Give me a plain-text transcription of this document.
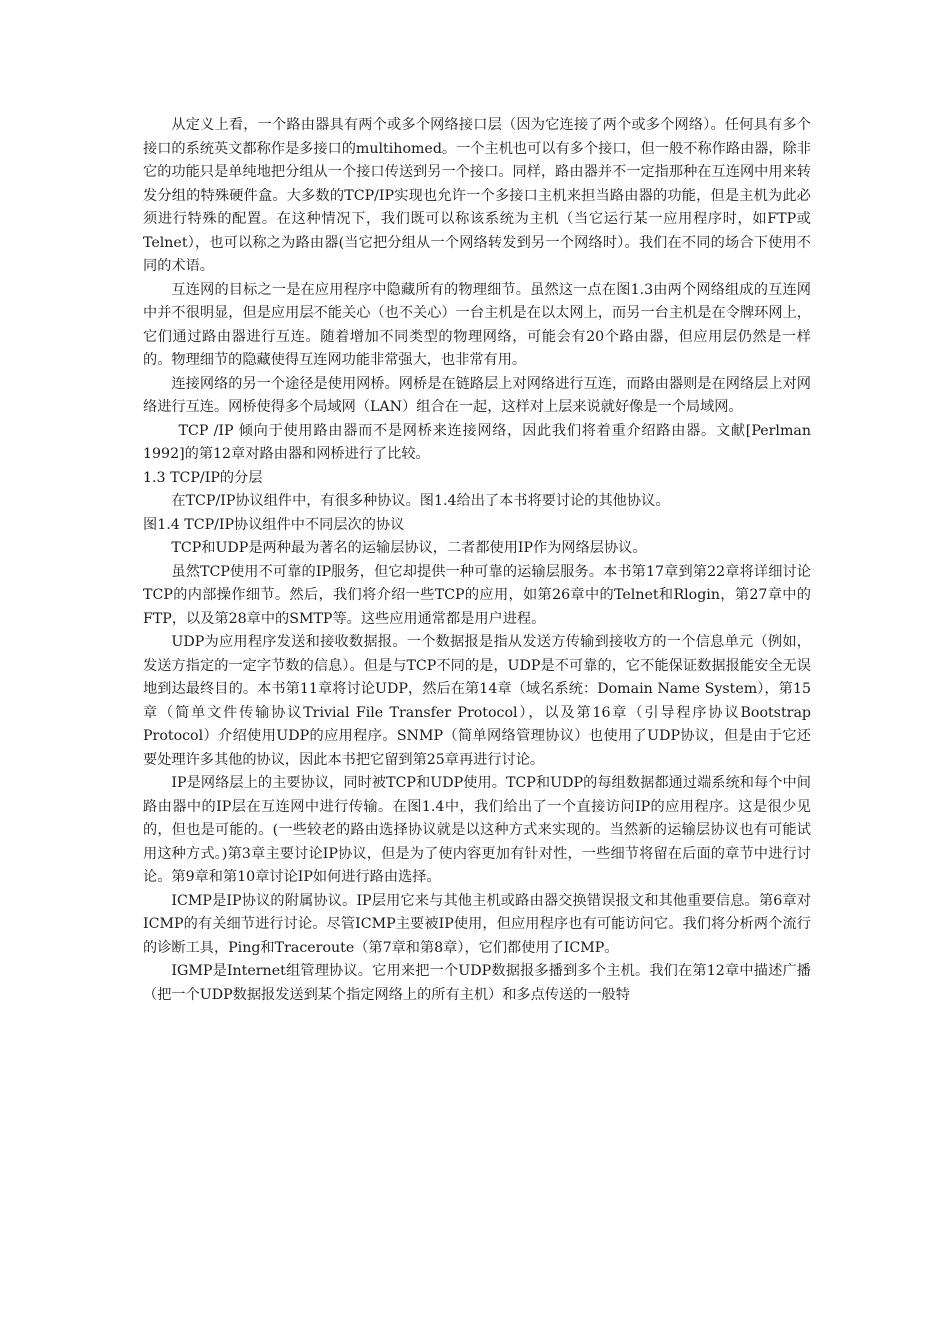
从定义上看，一个路由器具有两个或多个网络接口层（因为它连接了两个或多个网络）。任何具有多个接口的系统英文都称作是多接口的multihomed。一个主机也可以有多个接口，但一般不称作路由器，除非它的功能只是单纯地把分组从一个接口传送到另一个接口。同样，路由器并不一定指那种在互连网中用来转发分组的特殊硬件盒。大多数的TCP/IP实现也允许一个多接口主机来担当路由器的功能，但是主机为此必须进行特殊的配置。在这种情况下，我们既可以称该系统为主机（当它运行某一应用程序时，如FTP或Telnet），也可以称之为路由器(当它把分组从一个网络转发到另一个网络时）。我们在不同的场合下使用不同的术语。

互连网的目标之一是在应用程序中隐藏所有的物理细节。虽然这一点在图1.3由两个网络组成的互连网中并不很明显，但是应用层不能关心（也不关心）一台主机是在以太网上，而另一台主机是在令牌环网上，它们通过路由器进行互连。随着增加不同类型的物理网络，可能会有20个路由器，但应用层仍然是一样的。物理细节的隐藏使得互连网功能非常强大，也非常有用。

连接网络的另一个途径是使用网桥。网桥是在链路层上对网络进行互连，而路由器则是在网络层上对网络进行互连。网桥使得多个局域网（LAN）组合在一起，这样对上层来说就好像是一个局域网。

TCP /IP 倾向于使用路由器而不是网桥来连接网络，因此我们将着重介绍路由器。文献[Perlman 1992]的第12章对路由器和网桥进行了比较。

1.3 TCP/IP的分层

在TCP/IP协议组件中，有很多种协议。图1.4给出了本书将要讨论的其他协议。

图1.4 TCP/IP协议组件中不同层次的协议

TCP和UDP是两种最为著名的运输层协议，二者都使用IP作为网络层协议。

虽然TCP使用不可靠的IP服务，但它却提供一种可靠的运输层服务。本书第17章到第22章将详细讨论TCP的内部操作细节。然后，我们将介绍一些TCP的应用，如第26章中的Telnet和Rlogin，第27章中的FTP，以及第28章中的SMTP等。这些应用通常都是用户进程。

UDP为应用程序发送和接收数据报。一个数据报是指从发送方传输到接收方的一个信息单元（例如，发送方指定的一定字节数的信息）。但是与TCP不同的是，UDP是不可靠的，它不能保证数据报能安全无误地到达最终目的。本书第11章将讨论UDP，然后在第14章（域名系统：Domain Name System），第15章（简单文件传输协议Trivial File Transfer Protocol），以及第16章（引导程序协议Bootstrap Protocol）介绍使用UDP的应用程序。SNMP（简单网络管理协议）也使用了UDP协议，但是由于它还要处理许多其他的协议，因此本书把它留到第25章再进行讨论。

IP是网络层上的主要协议，同时被TCP和UDP使用。TCP和UDP的每组数据都通过端系统和每个中间路由器中的IP层在互连网中进行传输。在图1.4中，我们给出了一个直接访问IP的应用程序。这是很少见的，但也是可能的。(一些较老的路由选择协议就是以这种方式来实现的。当然新的运输层协议也有可能试用这种方式。)第3章主要讨论IP协议，但是为了使内容更加有针对性，一些细节将留在后面的章节中进行讨论。第9章和第10章讨论IP如何进行路由选择。

ICMP是IP协议的附属协议。IP层用它来与其他主机或路由器交换错误报文和其他重要信息。第6章对ICMP的有关细节进行讨论。尽管ICMP主要被IP使用，但应用程序也有可能访问它。我们将分析两个流行的诊断工具，Ping和Traceroute（第7章和第8章），它们都使用了ICMP。

IGMP是Internet组管理协议。它用来把一个UDP数据报多播到多个主机。我们在第12章中描述广播（把一个UDP数据报发送到某个指定网络上的所有主机）和多点传送的一般特
